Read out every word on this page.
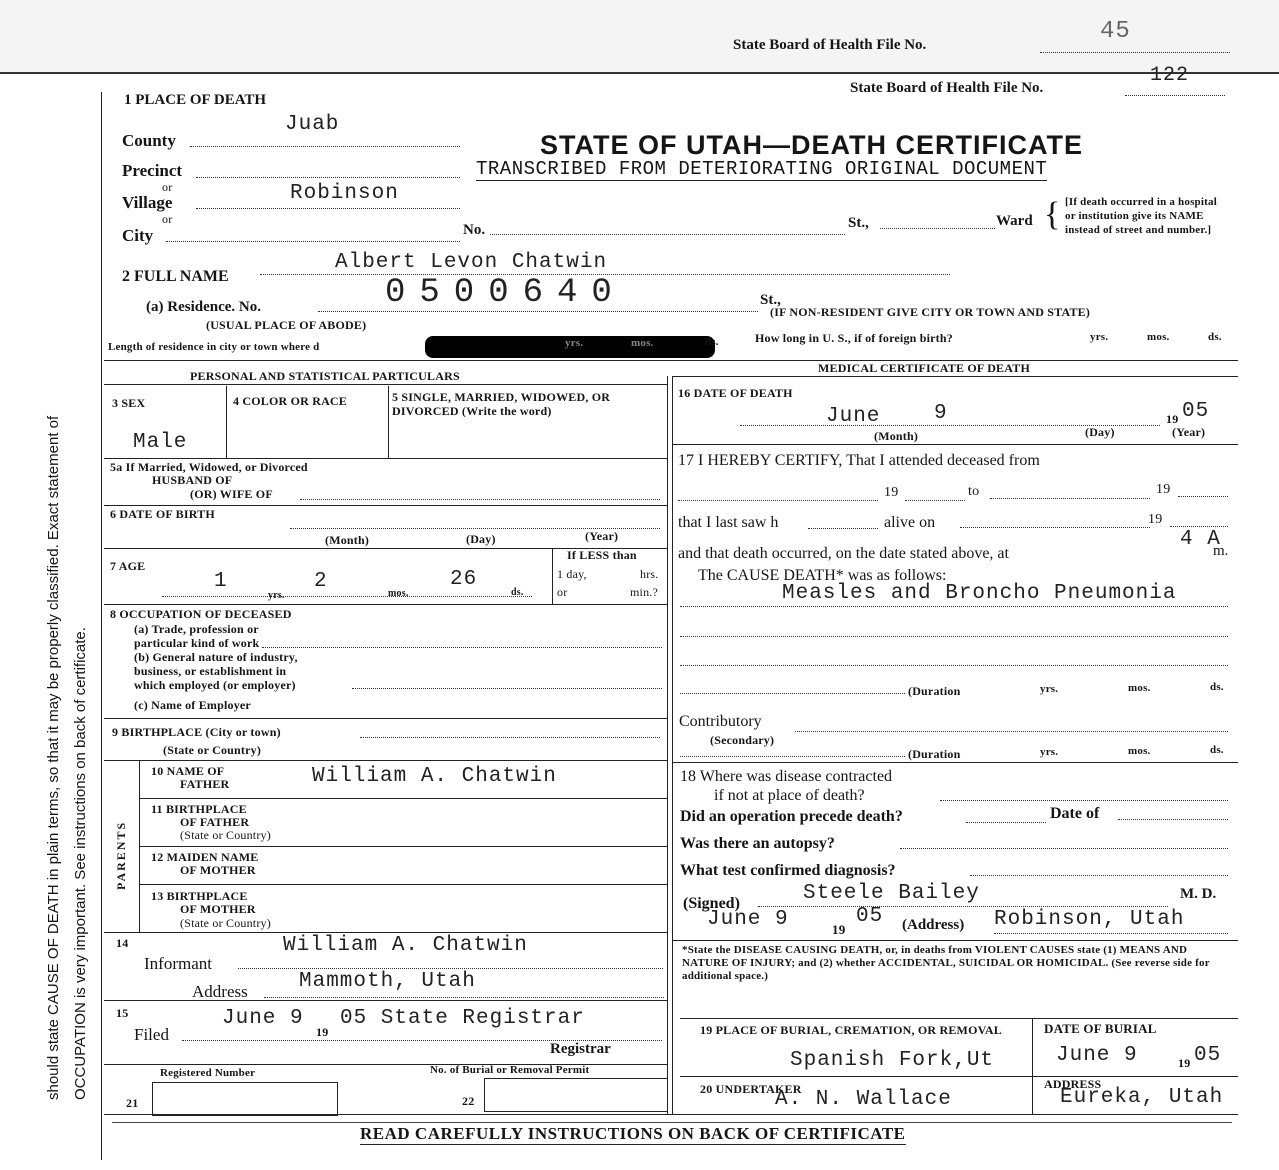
State Board of Health File No.	45
should state CAUSE OF DEATH in plain terms, so that it may be properly classified. Exact statement of OCCUPATION is very important. See instructions on back of certificate.
State Board of Health File No.
122
STATE OF UTAH—DEATH CERTIFICATE
TRANSCRIBED FROM DETERIORATING ORIGINAL DOCUMENT
1 PLACE OF DEATH
County
Juab
Precinct
or
Village	Robinson
or
City	No.	St.,	Ward { [If death occurred in a hospital or institution give its NAME instead of street and number.]
2 FULL NAME
Albert Levon Chatwin
(a) Residence. No.	0500640
(USUAL PLACE OF ABODE)
St.,
(IF NON-RESIDENT GIVE CITY OR TOWN AND STATE)
Length of residence in city or town where d	yrs.	mos.	ds.	How long in U. S., if of foreign birth?	yrs.	mos.	ds.
PERSONAL AND STATISTICAL PARTICULARS
MEDICAL CERTIFICATE OF DEATH
3 SEX
Male
4 COLOR OR RACE	5 SINGLE, MARRIED, WIDOWED, OR DIVORCED (Write the word)
5a If Married, Widowed, or Divorced
HUSBAND OF
(OR) WIFE OF
6 DATE OF BIRTH
(Month)	(Day)	(Year)
7 AGE
1
yrs.
2
mos.
26
ds.
If LESS than
1 day,	hrs.
or	min.?
8 OCCUPATION OF DECEASED
(a) Trade, profession or
particular kind of work
(b) General nature of industry,
business, or establishment in
which employed (or employer)
(c) Name of Employer
9 BIRTHPLACE (City or town)
(State or Country)
PARENTS
10 NAME OF
FATHER	William A. Chatwin
11 BIRTHPLACE
OF FATHER
(State or Country)
12 MAIDEN NAME
OF MOTHER
13 BIRTHPLACE
OF MOTHER
(State or Country)
14
Informant
William A. Chatwin
Address Mammoth, Utah
15
Filed
June 9
19
05 State Registrar
Registrar
Registered Number	No. of Burial or Removal Permit
21	22
16 DATE OF DEATH
June	9	19 05
(Month)	(Day)	(Year)
17 I HEREBY CERTIFY, That I attended deceased from
19	to	19
that I last saw h	alive on	19
and that death occurred, on the date stated above, at
4 A
m.
The CAUSE DEATH* was as follows:
Measles and Broncho Pneumonia
(Duration	yrs.	mos.	ds.
Contributory
(Secondary)
(Duration	yrs.	mos.	ds.
18 Where was disease contracted
if not at place of death?
Did an operation precede death?	Date of
Was there an autopsy?
What test confirmed diagnosis?
(Signed)	Steele Bailey	M. D.
June 9	19
05 (Address) Robinson, Utah
*State the DISEASE CAUSING DEATH, or, in deaths from VIOLENT CAUSES state (1) MEANS AND NATURE OF INJURY; and (2) whether ACCIDENTAL, SUICIDAL OR HOMICIDAL. (See reverse side for additional space.)
19 PLACE OF BURIAL, CREMATION, OR REMOVAL
Spanish Fork,Ut
DATE OF BURIAL
June 9	19 05
20 UNDERTAKER
A. N. Wallace
ADDRESS
Eureka, Utah
READ CAREFULLY INSTRUCTIONS ON BACK OF CERTIFICATE
